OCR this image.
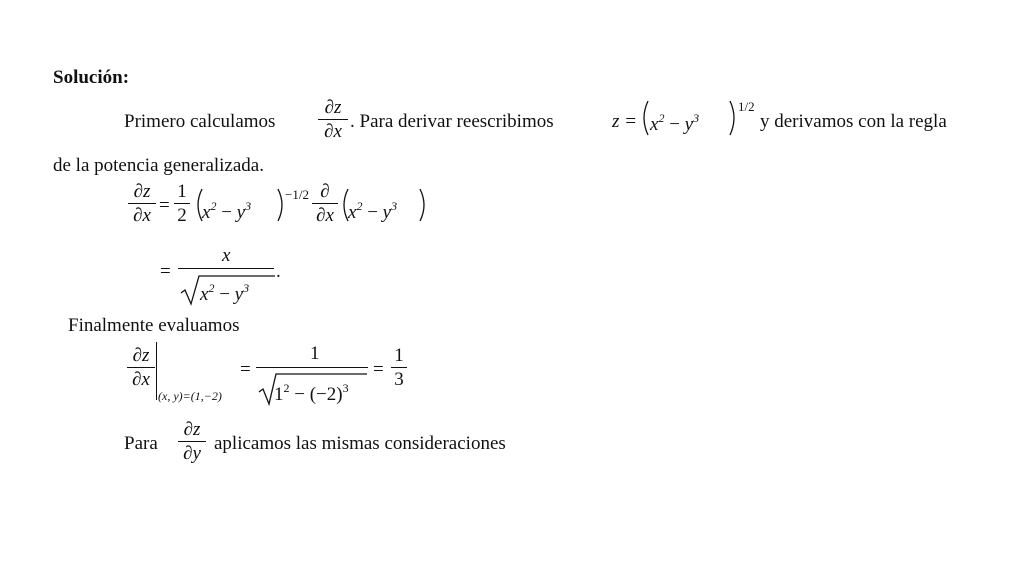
Solución:
Primero calculamos
∂z
∂x . Para derivar reescribimos	$z = x^2 - y^3$
1/2
y derivamos con la regla
de la potencia generalizada.
∂z
∂x =
1
2 $x^2 - y^3$
−1/2 ∂
∂x $x^2 - y^3$
=
x
$x^2 - y^3$
.
Finalmente evaluamos
∂z
∂x
(x, y)=(1,−2)
=
1
$1^2 - (-2)^3$
=
1
3
Para
∂z
∂y aplicamos las mismas consideraciones
